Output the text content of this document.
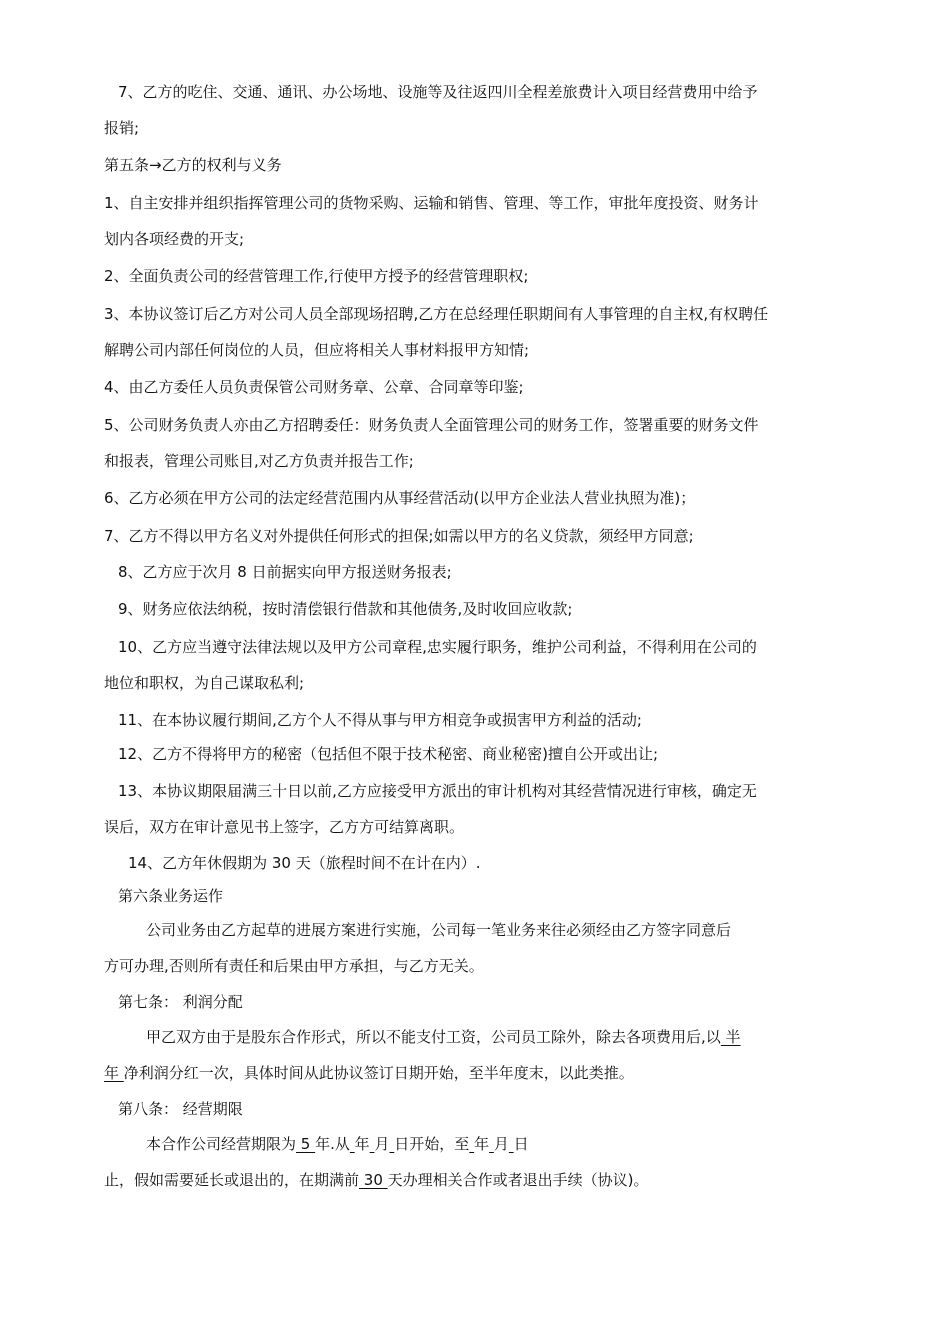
7、乙方的吃住、交通、通讯、办公场地、设施等及往返四川全程差旅费计入项目经营费用中给予
报销;
第五条→乙方的权利与义务
1、自主安排并组织指挥管理公司的货物采购、运输和销售、管理、等工作，审批年度投资、财务计
划内各项经费的开支;
2、全面负责公司的经营管理工作,行使甲方授予的经营管理职权;
3、本协议签订后乙方对公司人员全部现场招聘,乙方在总经理任职期间有人事管理的自主权,有权聘任
解聘公司内部任何岗位的人员，但应将相关人事材料报甲方知情;
4、由乙方委任人员负责保管公司财务章、公章、合同章等印鉴;
5、公司财务负责人亦由乙方招聘委任：财务负责人全面管理公司的财务工作，签署重要的财务文件
和报表，管理公司账目,对乙方负责并报告工作;
6、乙方必须在甲方公司的法定经营范围内从事经营活动(以甲方企业法人营业执照为准)；
7、乙方不得以甲方名义对外提供任何形式的担保;如需以甲方的名义贷款，须经甲方同意;
8、乙方应于次月 8 日前据实向甲方报送财务报表;
9、财务应依法纳税，按时清偿银行借款和其他债务,及时收回应收款;
10、乙方应当遵守法律法规以及甲方公司章程,忠实履行职务，维护公司利益，不得利用在公司的
地位和职权，为自己谋取私利;
11、在本协议履行期间,乙方个人不得从事与甲方相竞争或损害甲方利益的活动;
12、乙方不得将甲方的秘密（包括但不限于技术秘密、商业秘密)擅自公开或出让;
13、本协议期限届满三十日以前,乙方应接受甲方派出的审计机构对其经营情况进行审核，确定无
误后，双方在审计意见书上签字，乙方方可结算离职。
14、乙方年休假期为 30 天（旅程时间不在计在内）.
第六条业务运作
公司业务由乙方起草的进展方案进行实施，公司每一笔业务来往必须经由乙方签字同意后
方可办理,否则所有责任和后果由甲方承担，与乙方无关。
第七条： 利润分配
甲乙双方由于是股东合作形式，所以不能支付工资，公司员工除外，除去各项费用后,以 半
年 净利润分红一次，具体时间从此协议签订日期开始，至半年度末，以此类推。
第八条： 经营期限
本合作公司经营期限为 5 年.从 年 月 日开始，至 年 月 日
止，假如需要延长或退出的，在期满前 30 天办理相关合作或者退出手续（协议)。
